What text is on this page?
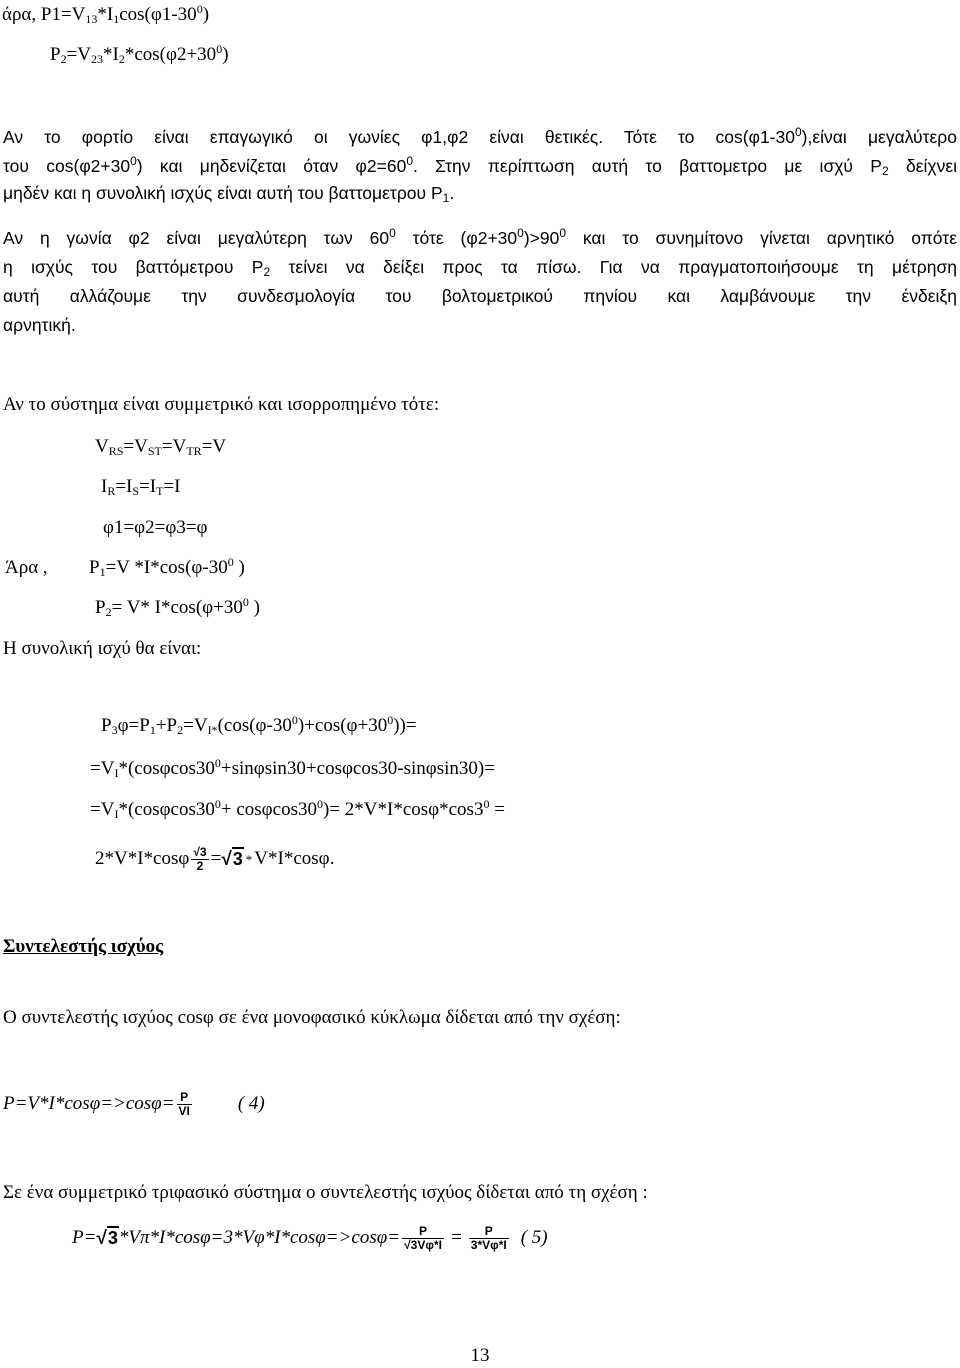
άρα, $P1=V_{13}*I_1\cos(\varphi 1-30^0)$
$P_2=V_{23}*I_2*\cos(\varphi 2+30^0)$
Αν το φορτίο είναι επαγωγικό οι γωνίες φ1,φ2 είναι θετικές. Τότε το $\cos(\varphi 1-30^0),\varepsilon ί\nu\alpha\iota$ μεγαλύτερο
του $\cos(\varphi 2+30^0)$ και μηδενίζεται όταν $\varphi 2=60^0$. Στην περίπτωση αυτή το βαττομετρο με ισχύ $P_2$ δείχνει
μηδέν και η συνολική ισχύς είναι αυτή του βαττομετρου $P_1$.
Αν η γωνία φ2 είναι μεγαλύτερη των $60^0$ τότε $(\varphi 2+30^0)>90^0$ και το συνημίτονο γίνεται αρνητικό οπότε
η ισχύς του βαττόμετρου $P_2$ τείνει να δείξει προς τα πίσω. Για να πραγματοποιήσουμε τη μέτρηση
αυτή αλλάζουμε την συνδεσμολογία του βολτομετρικού πηνίου και λαμβάνουμε την ένδειξη
αρνητική.
Αν το σύστημα είναι συμμετρικό και ισορροπημένο τότε:
$V_{RS}=V_{ST}=V_{TR}=V$
$I_R=I_S=I_T=I$
φ1=φ2=φ3=φ
Άρα , $P_1=V$ $*I*\cos(\varphi-30^0$ )
$P_2= V*$ $I*\cos(\varphi+30^0$ )
Η συνολική ισχύ θα είναι:
$P_3\varphi=P_1+P_2=V_{I*}(\cos(\varphi-30^0)+\cos(\varphi+30^0))=$
$=V_I*(\cos\varphi\cos 30^0+\sin\varphi\sin 30+\cos\varphi\cos 30-\sin\varphi\sin 30)=$
$=V_I*(\cos\varphi\cos 30^0+ \cos\varphi\cos 30^0)= 2*V*I*\cos\varphi*\cos 3^0$ =
$2*V*I*\cos\varphi \frac{√3}{2} =√3 * V*I*\cos\varphi$.
Συντελεστής ισχύος
Ο συντελεστής ισχύος cosφ σε ένα μονοφασικό κύκλωμα δίδεται από την σχέση:
$P=V*I*\cos\varphi=>\cos\varphi= \frac{P}{VI}$ ( 4)
Σε ένα συμμετρικό τριφασικό σύστημα ο συντελεστής ισχύος δίδεται από τη σχέση :
$P=√3*V\pi*I*\cos\varphi=3*V\varphi*I*\cos\varphi=>\cos\varphi= \frac{P}{√3V\varphi*I} = \frac{P}{3*V\varphi*I}$ ( 5)
13
